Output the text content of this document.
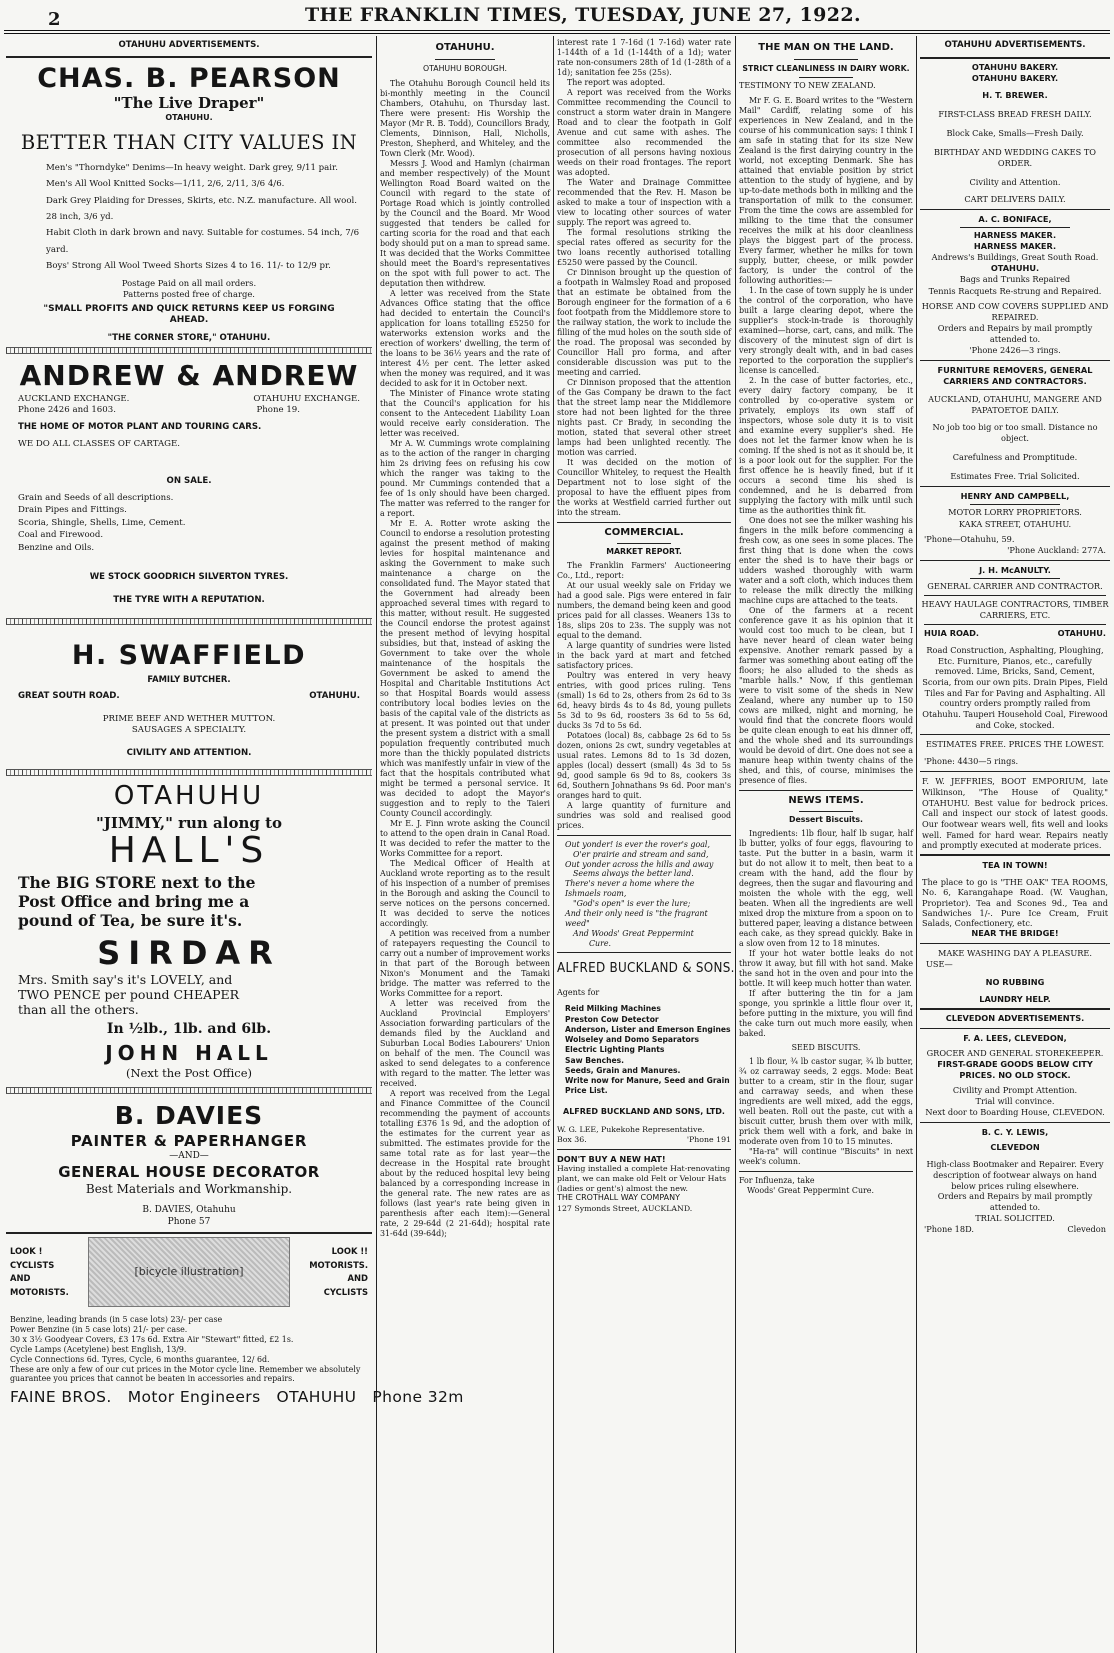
2	THE FRANKLIN TIMES, TUESDAY, JUNE 27, 1922.
OTAHUHU ADVERTISEMENTS.
CHAS. B. PEARSON
"The Live Draper"
OTAHUHU.
BETTER THAN CITY VALUES IN
Men's "Thorndyke" Denims—In heavy weight. Dark grey, 9/11 pair.
Men's All Wool Knitted Socks—1/11, 2/6, 2/11, 3/6 4/6.
Dark Grey Plaiding for Dresses, Skirts, etc. N.Z. manufacture. All wool. 28 inch, 3/6 yd.
Habit Cloth in dark brown and navy. Suitable for costumes. 54 inch, 7/6 yard.
Boys' Strong All Wool Tweed Shorts Sizes 4 to 16. 11/- to 12/9 pr.
Postage Paid on all mail orders.
Patterns posted free of charge.
"SMALL PROFITS AND QUICK RETURNS KEEP US FORGING AHEAD.
"THE CORNER STORE," OTAHUHU.
ANDREW & ANDREW
AUCKLAND EXCHANGE.	OTAHUHU EXCHANGE.
Phone 2426 and 1603.	Phone 19.
THE HOME OF MOTOR PLANT AND TOURING CARS.
WE DO ALL CLASSES OF CARTAGE.
ON SALE.
Grain and Seeds of all descriptions.
Drain Pipes and Fittings.
Scoria, Shingle, Shells, Lime, Cement.
Coal and Firewood.
Benzine and Oils.
WE STOCK GOODRICH SILVERTON TYRES.
THE TYRE WITH A REPUTATION.
H. SWAFFIELD
FAMILY BUTCHER.
GREAT SOUTH ROAD.	OTAHUHU.
PRIME BEEF AND WETHER MUTTON.
SAUSAGES A SPECIALTY.
CIVILITY AND ATTENTION.
OTAHUHU
"JIMMY," run along to
HALL'S
The BIG STORE next to the
Post Office and bring me a
pound of Tea, be sure it's.
SIRDAR
Mrs. Smith say's it's LOVELY, and
TWO PENCE per pound CHEAPER
than all the others.
In ½lb., 1lb. and 6lb.
JOHN HALL
(Next the Post Office)
B. DAVIES
PAINTER & PAPERHANGER
—AND—
GENERAL HOUSE DECORATOR
Best Materials and Workmanship.
B. DAVIES, Otahuhu
Phone 57
LOOK !
CYCLISTS
AND
MOTORISTS.
[bicycle illustration]
LOOK !!
MOTORISTS.
AND
CYCLISTS
Benzine, leading brands (in 5 case lots) 23/- per case
Power Benzine (in 5 case lots) 21/- per case.
30 x 3½ Goodyear Covers, £3 17s 6d. Extra Air "Stewart" fitted, £2 1s.
Cycle Lamps (Acetylene) best English, 13/9.
Cycle Connections 6d. Tyres, Cycle, 6 months guarantee, 12/ 6d.
These are only a few of our cut prices in the Motor cycle line. Remember we absolutely guarantee you prices that cannot be beaten in accessories and repairs.
FAINE BROS.   Motor Engineers   OTAHUHU   Phone 32m
OTAHUHU.
OTAHUHU BOROUGH.

The Otahuhu Borough Council held its bi-monthly meeting in the Council Chambers, Otahuhu, on Thursday last. There were present: His Worship the Mayor (Mr R. B. Todd), Councillors Brady, Clements, Dinnison, Hall, Nicholls, Preston, Shepherd, and Whiteley, and the Town Clerk (Mr. Wood).

Messrs J. Wood and Hamlyn (chairman and member respectively) of the Mount Wellington Road Board waited on the Council with regard to the state of Portage Road which is jointly controlled by the Council and the Board. Mr Wood suggested that tenders be called for carting scoria for the road and that each body should put on a man to spread same. It was decided that the Works Committee should meet the Board's representatives on the spot with full power to act. The deputation then withdrew.

A letter was received from the State Advances Office stating that the office had decided to entertain the Council's application for loans totalling £5250 for waterworks extension works and the erection of workers' dwelling, the term of the loans to be 36½ years and the rate of interest 4½ per cent. The letter asked when the money was required, and it was decided to ask for it in October next.

The Minister of Finance wrote stating that the Council's application for his consent to the Antecedent Liability Loan would receive early consideration. The letter was received.

Mr A. W. Cummings wrote complaining as to the action of the ranger in charging him 2s driving fees on refusing his cow which the ranger was taking to the pound. Mr Cummings contended that a fee of 1s only should have been charged. The matter was referred to the ranger for a report.

Mr E. A. Rotter wrote asking the Council to endorse a resolution protesting against the present method of making levies for hospital maintenance and asking the Government to make such maintenance a charge on the consolidated fund. The Mayor stated that the Government had already been approached several times with regard to this matter, without result. He suggested the Council endorse the protest against the present method of levying hospital subsidies, but that, instead of asking the Government to take over the whole maintenance of the hospitals the Government be asked to amend the Hospital and Charitable Institutions Act so that Hospital Boards would assess contributory local bodies levies on the basis of the capital vale of the districts as at present. It was pointed out that under the present system a district with a small population frequently contributed much more than the thickly populated districts which was manifestly unfair in view of the fact that the hospitals contributed what might be termed a personal service. It was decided to adopt the Mayor's suggestion and to reply to the Taieri County Council accordingly.

Mr E. J. Finn wrote asking the Council to attend to the open drain in Canal Road. It was decided to refer the matter to the Works Committee for a report.

The Medical Officer of Health at Auckland wrote reporting as to the result of his inspection of a number of premises in the Borough and asking the Council to serve notices on the persons concerned. It was decided to serve the notices accordingly.

A petition was received from a number of ratepayers requesting the Council to carry out a number of improvement works in that part of the Borough between Nixon's Monument and the Tamaki bridge. The matter was referred to the Works Committee for a report.

A letter was received from the Auckland Provincial Employers' Association forwarding particulars of the demands filed by the Auckland and Suburban Local Bodies Labourers' Union on behalf of the men. The Council was asked to send delegates to a conference with regard to the matter. The letter was received.

A report was received from the Legal and Finance Committee of the Council recommending the payment of accounts totalling £376 1s 9d, and the adoption of the estimates for the current year as submitted. The estimates provide for the same total rate as for last year—the decrease in the Hospital rate brought about by the reduced hospital levy being balanced by a corresponding increase in the general rate. The new rates are as follows (last year's rate being given in parenthesis after each item):—General rate, 2 29-64d (2 21-64d); hospital rate 31-64d (39-64d);

interest rate 1 7-16d (1 7-16d) water rate 1-144th of a 1d (1-144th of a 1d); water rate non-consumers 28th of 1d (1-28th of a 1d); sanitation fee 25s (25s).

The report was adopted.

A report was received from the Works Committee recommending the Council to construct a storm water drain in Mangere Road and to clear the footpath in Golf Avenue and cut same with ashes. The committee also recommended the prosecution of all persons having noxious weeds on their road frontages. The report was adopted.

The Water and Drainage Committee recommended that the Rev. H. Mason be asked to make a tour of inspection with a view to locating other sources of water supply. The report was agreed to.

The formal resolutions striking the special rates offered as security for the two loans recently authorised totalling £5250 were passed by the Council.

Cr Dinnison brought up the question of a footpath in Walmsley Road and proposed that an estimate be obtained from the Borough engineer for the formation of a 6 foot footpath from the Middlemore store to the railway station, the work to include the filling of the mud holes on the south side of the road. The proposal was seconded by Councillor Hall pro forma, and after considerable discussion was put to the meeting and carried.

Cr Dinnison proposed that the attention of the Gas Company be drawn to the fact that the street lamp near the Middlemore store had not been lighted for the three nights past. Cr Brady, in seconding the motion, stated that several other street lamps had been unlighted recently. The motion was carried.

It was decided on the motion of Councillor Whiteley, to request the Health Department not to lose sight of the proposal to have the effluent pipes from the works at Westfield carried further out into the stream.

COMMERCIAL.
MARKET REPORT.

The Franklin Farmers' Auctioneering Co., Ltd., report:

At our usual weekly sale on Friday we had a good sale. Pigs were entered in fair numbers, the demand being keen and good prices paid for all classes. Weaners 13s to 18s, slips 20s to 23s. The supply was not equal to the demand.

A large quantity of sundries were listed in the back yard at mart and fetched satisfactory prices.

Poultry was entered in very heavy entries, with good prices ruling. Tens (small) 1s 6d to 2s, others from 2s 6d to 3s 6d, heavy birds 4s to 4s 8d, young pullets 5s 3d to 9s 6d, roosters 3s 6d to 5s 6d, ducks 3s 7d to 5s 6d.

Potatoes (local) 8s, cabbage 2s 6d to 5s dozen, onions 2s cwt, sundry vegetables at usual rates. Lemons 8d to 1s 3d dozen, apples (local) dessert (small) 4s 3d to 5s 9d, good sample 6s 9d to 8s, cookers 3s 6d, Southern Johnathans 9s 6d. Poor man's oranges hard to quit.

A large quantity of furniture and sundries was sold and realised good prices.

Out yonder! is ever the rover's goal,
O'er prairie and stream and sand,
Out yonder across the hills and away
Seems always the better land.
There's never a home where the Ishmaels roam,
"God's open" is ever the lure;
And their only need is "the fragrant weed"
And Woods' Great Peppermint
Cure.
ALFRED BUCKLAND & SONS.
Agents for
Reid Milking Machines
Preston Cow Detector
Anderson, Lister and Emerson Engines
Wolseley and Domo Separators
Electric Lighting Plants
Saw Benches.
Seeds, Grain and Manures.
Write now for Manure, Seed and Grain Price List.
ALFRED BUCKLAND AND SONS, LTD.
W. G. LEE, Pukekohe Representative.
Box 36.	'Phone 191
DON'T BUY A NEW HAT!
Having installed a complete Hat-renovating plant, we can make old Felt or Velour Hats (ladies or gent's) almost the new.
THE CROTHALL WAY COMPANY
127 Symonds Street, AUCKLAND.
THE MAN ON THE LAND.
STRICT CLEANLINESS IN DAIRY WORK.
TESTIMONY TO NEW ZEALAND.

Mr F. G. E. Board writes to the "Western Mail" Cardiff, relating some of his experiences in New Zealand, and in the course of his communication says: I think I am safe in stating that for its size New Zealand is the first dairying country in the world, not excepting Denmark. She has attained that enviable position by strict attention to the study of hygiene, and by up-to-date methods both in milking and the transportation of milk to the consumer. From the time the cows are assembled for milking to the time that the consumer receives the milk at his door cleanliness plays the biggest part of the process. Every farmer, whether he milks for town supply, butter, cheese, or milk powder factory, is under the control of the following authorities:—

1. In the case of town supply he is under the control of the corporation, who have built a large clearing depot, where the supplier's stock-in-trade is thoroughly examined—horse, cart, cans, and milk. The discovery of the minutest sign of dirt is very strongly dealt with, and in bad cases reported to the corporation the supplier's license is cancelled.

2. In the case of butter factories, etc., every dairy factory company, be it controlled by co-operative system or privately, employs its own staff of inspectors, whose sole duty it is to visit and examine every supplier's shed. He does not let the farmer know when he is coming. If the shed is not as it should be, it is a poor look out for the supplier. For the first offence he is heavily fined, but if it occurs a second time his shed is condemned, and he is debarred from supplying the factory with milk until such time as the authorities think fit.

One does not see the milker washing his fingers in the milk before commencing a fresh cow, as one sees in some places. The first thing that is done when the cows enter the shed is to have their bags or udders washed thoroughly with warm water and a soft cloth, which induces them to release the milk directly the milking machine cups are attached to the teats.

One of the farmers at a recent conference gave it as his opinion that it would cost too much to be clean, but I have never heard of clean water being expensive. Another remark passed by a farmer was something about eating off the floors; he also alluded to the sheds as "marble halls." Now, if this gentleman were to visit some of the sheds in New Zealand, where any number up to 150 cows are milked, night and morning, he would find that the concrete floors would be quite clean enough to eat his dinner off, and the whole shed and its surroundings would be devoid of dirt. One does not see a manure heap within twenty chains of the shed, and this, of course, minimises the presence of flies.

NEWS ITEMS.
Dessert Biscuits.

Ingredients: 1lb flour, half lb sugar, half lb butter, yolks of four eggs, flavouring to taste. Put the butter in a basin, warm it but do not allow it to melt, then beat to a cream with the hand, add the flour by degrees, then the sugar and flavouring and moisten the whole with the egg, well beaten. When all the ingredients are well mixed drop the mixture from a spoon on to buttered paper, leaving a distance between each cake, as they spread quickly. Bake in a slow oven from 12 to 18 minutes.

If your hot water bottle leaks do not throw it away, but fill with hot sand. Make the sand hot in the oven and pour into the bottle. It will keep much hotter than water.

If after buttering the tin for a jam sponge, you sprinkle a little flour over it, before putting in the mixture, you will find the cake turn out much more easily, when baked.

SEED BISCUITS.

1 lb flour, ¾ lb castor sugar, ¾ lb butter, ¾ oz carraway seeds, 2 eggs. Mode: Beat butter to a cream, stir in the flour, sugar and carraway seeds, and when these ingredients are well mixed, add the eggs, well beaten. Roll out the paste, cut with a biscuit cutter, brush them over with milk, prick them well with a fork, and bake in moderate oven from 10 to 15 minutes.

"Ha-ra" will continue "Biscuits" in next week's column.

For Influenza, take
Woods' Great Peppermint Cure.
OTAHUHU ADVERTISEMENTS.
OTAHUHU BAKERY.
OTAHUHU BAKERY.
H. T. BREWER.
FIRST-CLASS BREAD FRESH DAILY.
Block Cake, Smalls—Fresh Daily.
BIRTHDAY AND WEDDING CAKES TO ORDER.
Civility and Attention.
CART DELIVERS DAILY.
A. C. BONIFACE,
HARNESS MAKER.
HARNESS MAKER.
Andrews's Buildings, Great South Road.
OTAHUHU.
Bags and Trunks Repaired
Tennis Racquets Re-strung and Repaired.
HORSE AND COW COVERS SUPPLIED AND REPAIRED.
Orders and Repairs by mail promptly attended to.
'Phone 2426—3 rings.
FURNITURE REMOVERS, GENERAL CARRIERS AND CONTRACTORS.
AUCKLAND, OTAHUHU, MANGERE AND PAPATOETOE DAILY.
No job too big or too small. Distance no object.
Carefulness and Promptitude.
Estimates Free. Trial Solicited.
HENRY AND CAMPBELL,
MOTOR LORRY PROPRIETORS.
KAKA STREET, OTAHUHU.
'Phone—Otahuhu, 59.
'Phone Auckland: 277A.
J. H. McANULTY.
GENERAL CARRIER AND CONTRACTOR.
HEAVY HAULAGE CONTRACTORS, TIMBER CARRIERS, ETC.
HUIA ROAD.	OTAHUHU.
Road Construction, Asphalting, Ploughing, Etc. Furniture, Pianos, etc., carefully removed. Lime, Bricks, Sand, Cement, Scoria, from our own pits. Drain Pipes, Field Tiles and Far for Paving and Asphalting. All country orders promptly railed from Otahuhu. Tauperi Household Coal, Firewood and Coke, stocked.
ESTIMATES FREE. PRICES THE LOWEST.
'Phone: 4430—5 rings.
F. W. JEFFRIES, BOOT EMPORIUM, late Wilkinson, "The House of Quality," OTAHUHU. Best value for bedrock prices. Call and inspect our stock of latest goods. Our footwear wears well, fits well and looks well. Famed for hard wear. Repairs neatly and promptly executed at moderate prices.
TEA IN TOWN!
The place to go is "THE OAK" TEA ROOMS, No. 6, Karangahape Road. (W. Vaughan, Proprietor). Tea and Scones 9d., Tea and Sandwiches 1/-. Pure Ice Cream, Fruit Salads, Confectionery, etc.
NEAR THE BRIDGE!
MAKE WASHING DAY A PLEASURE.
USE—
NO RUBBING
LAUNDRY HELP.
CLEVEDON ADVERTISEMENTS.
F. A. LEES, CLEVEDON,
GROCER AND GENERAL STOREKEEPER.
FIRST-GRADE GOODS BELOW CITY PRICES. NO OLD STOCK.
Civility and Prompt Attention.
Trial will convince.
Next door to Boarding House, CLEVEDON.
B. C. Y. LEWIS,
CLEVEDON
High-class Bootmaker and Repairer. Every description of footwear always on hand below prices ruling elsewhere.
Orders and Repairs by mail promptly attended to.
TRIAL SOLICITED.
'Phone 18D.	Clevedon
